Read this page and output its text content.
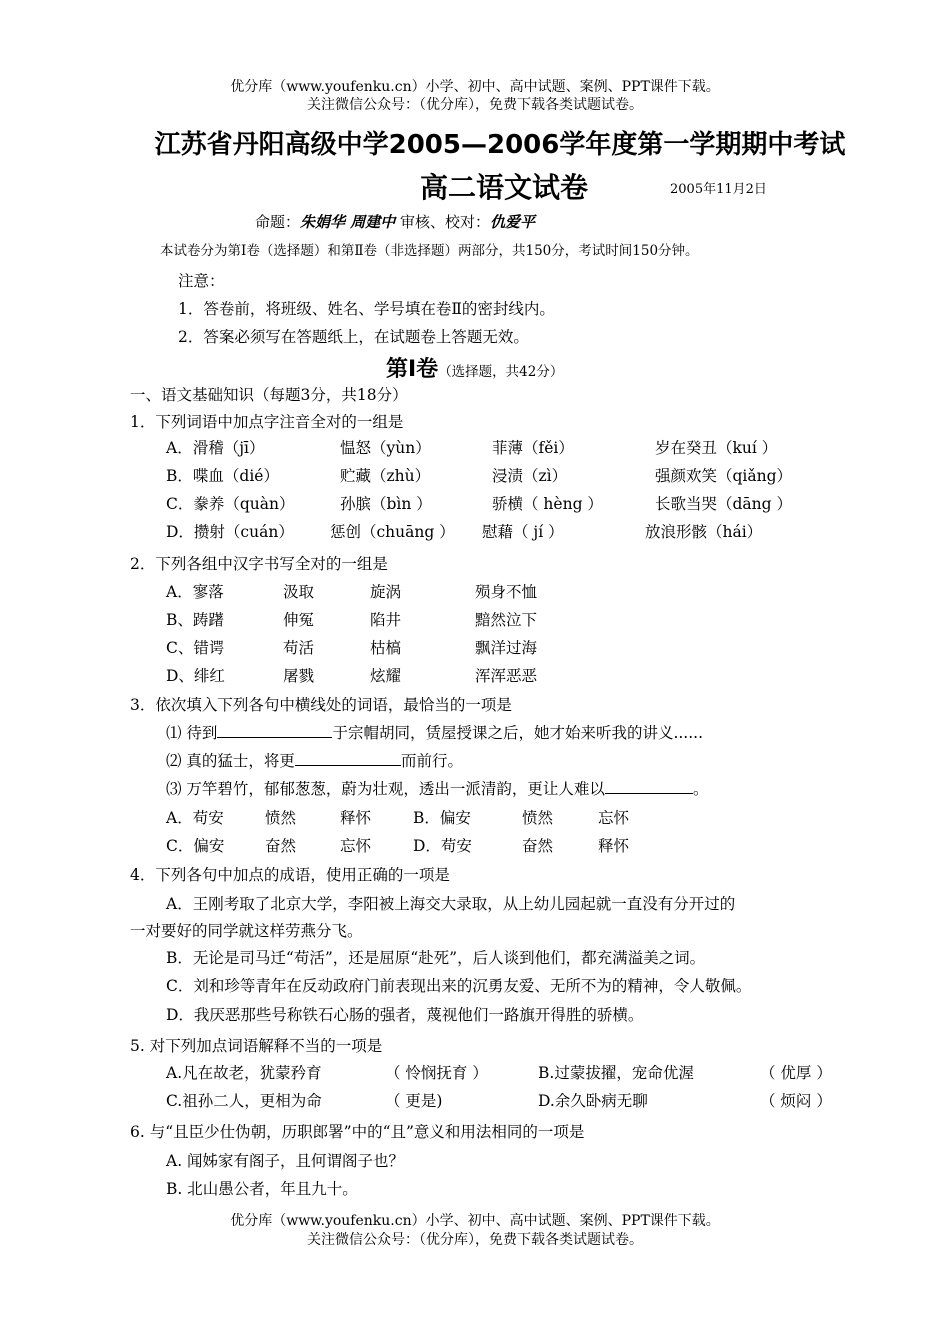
优分库（www.youfenku.cn）小学、初中、高中试题、案例、PPT课件下载。
关注微信公众号：（优分库），免费下载各类试题试卷。
江苏省丹阳高级中学2005—2006学年度第一学期期中考试
高二语文试卷	2005年11月2日
命题：朱娟华 周建中 审核、校对：仇爱平
本试卷分为第Ⅰ卷（选择题）和第Ⅱ卷（非选择题）两部分，共150分，考试时间150分钟。
注意：
1．答卷前，将班级、姓名、学号填在卷Ⅱ的密封线内。
2．答案必须写在答题纸上，在试题卷上答题无效。
第Ⅰ卷（选择题，共42分）
一、语文基础知识（每题3分，共18分）
1．下列词语中加点字注音全对的一组是
A．滑稽（jī）	愠怒（yùn）	菲薄（fěi）	岁在癸丑（kuí ）
B．喋血（dié）	贮藏（zhù）	浸渍（zì）	强颜欢笑（qiǎng）
C．豢养（quàn）	孙膑（bìn ）	骄横（ hèng ）	长歌当哭（dāng ）
D．攒射（cuán） 惩创（chuāng ） 慰藉（ jí ）	放浪形骸（hái）
2．下列各组中汉字书写全对的一组是
A．寥落	汲取	旋涡	殒身不恤
B、踌躇	伸冤	陷井	黯然泣下
C、错谔	苟活	枯槁	飘洋过海
D、绯红	屠戮	炫耀	浑浑恶恶
3．依次填入下列各句中横线处的词语，最恰当的一项是
⑴ 待到	于宗帽胡同，赁屋授课之后，她才始来听我的讲义......
⑵ 真的猛士，将更	而前行。
⑶ 万竿碧竹，郁郁葱葱，蔚为壮观，透出一派清韵，更让人难以	。
A．苟安	愤然	释怀	B．偏安	愤然	忘怀
C．偏安	奋然	忘怀	D．苟安	奋然	释怀
4．下列各句中加点的成语，使用正确的一项是
A．王刚考取了北京大学，李阳被上海交大录取，从上幼儿园起就一直没有分开过的
一对要好的同学就这样劳燕分飞。
B．无论是司马迁“苟活”，还是屈原“赴死”，后人谈到他们，都充满溢美之词。
C．刘和珍等青年在反动政府门前表现出来的沉勇友爱、无所不为的精神，令人敬佩。
D．我厌恶那些号称铁石心肠的强者，蔑视他们一路旗开得胜的骄横。
5. 对下列加点词语解释不当的一项是
A.凡在故老，犹蒙矜育	（ 怜悯抚育 ）	B.过蒙拔擢，宠命优渥	（ 优厚 ）
C.祖孙二人，更相为命	（ 更是)	D.余久卧病无聊	（ 烦闷 ）
6. 与“且臣少仕伪朝，历职郎署”中的“且”意义和用法相同的一项是
A. 闻姊家有阁子，且何谓阁子也？
B. 北山愚公者，年且九十。
优分库（www.youfenku.cn）小学、初中、高中试题、案例、PPT课件下载。
关注微信公众号：（优分库），免费下载各类试题试卷。
